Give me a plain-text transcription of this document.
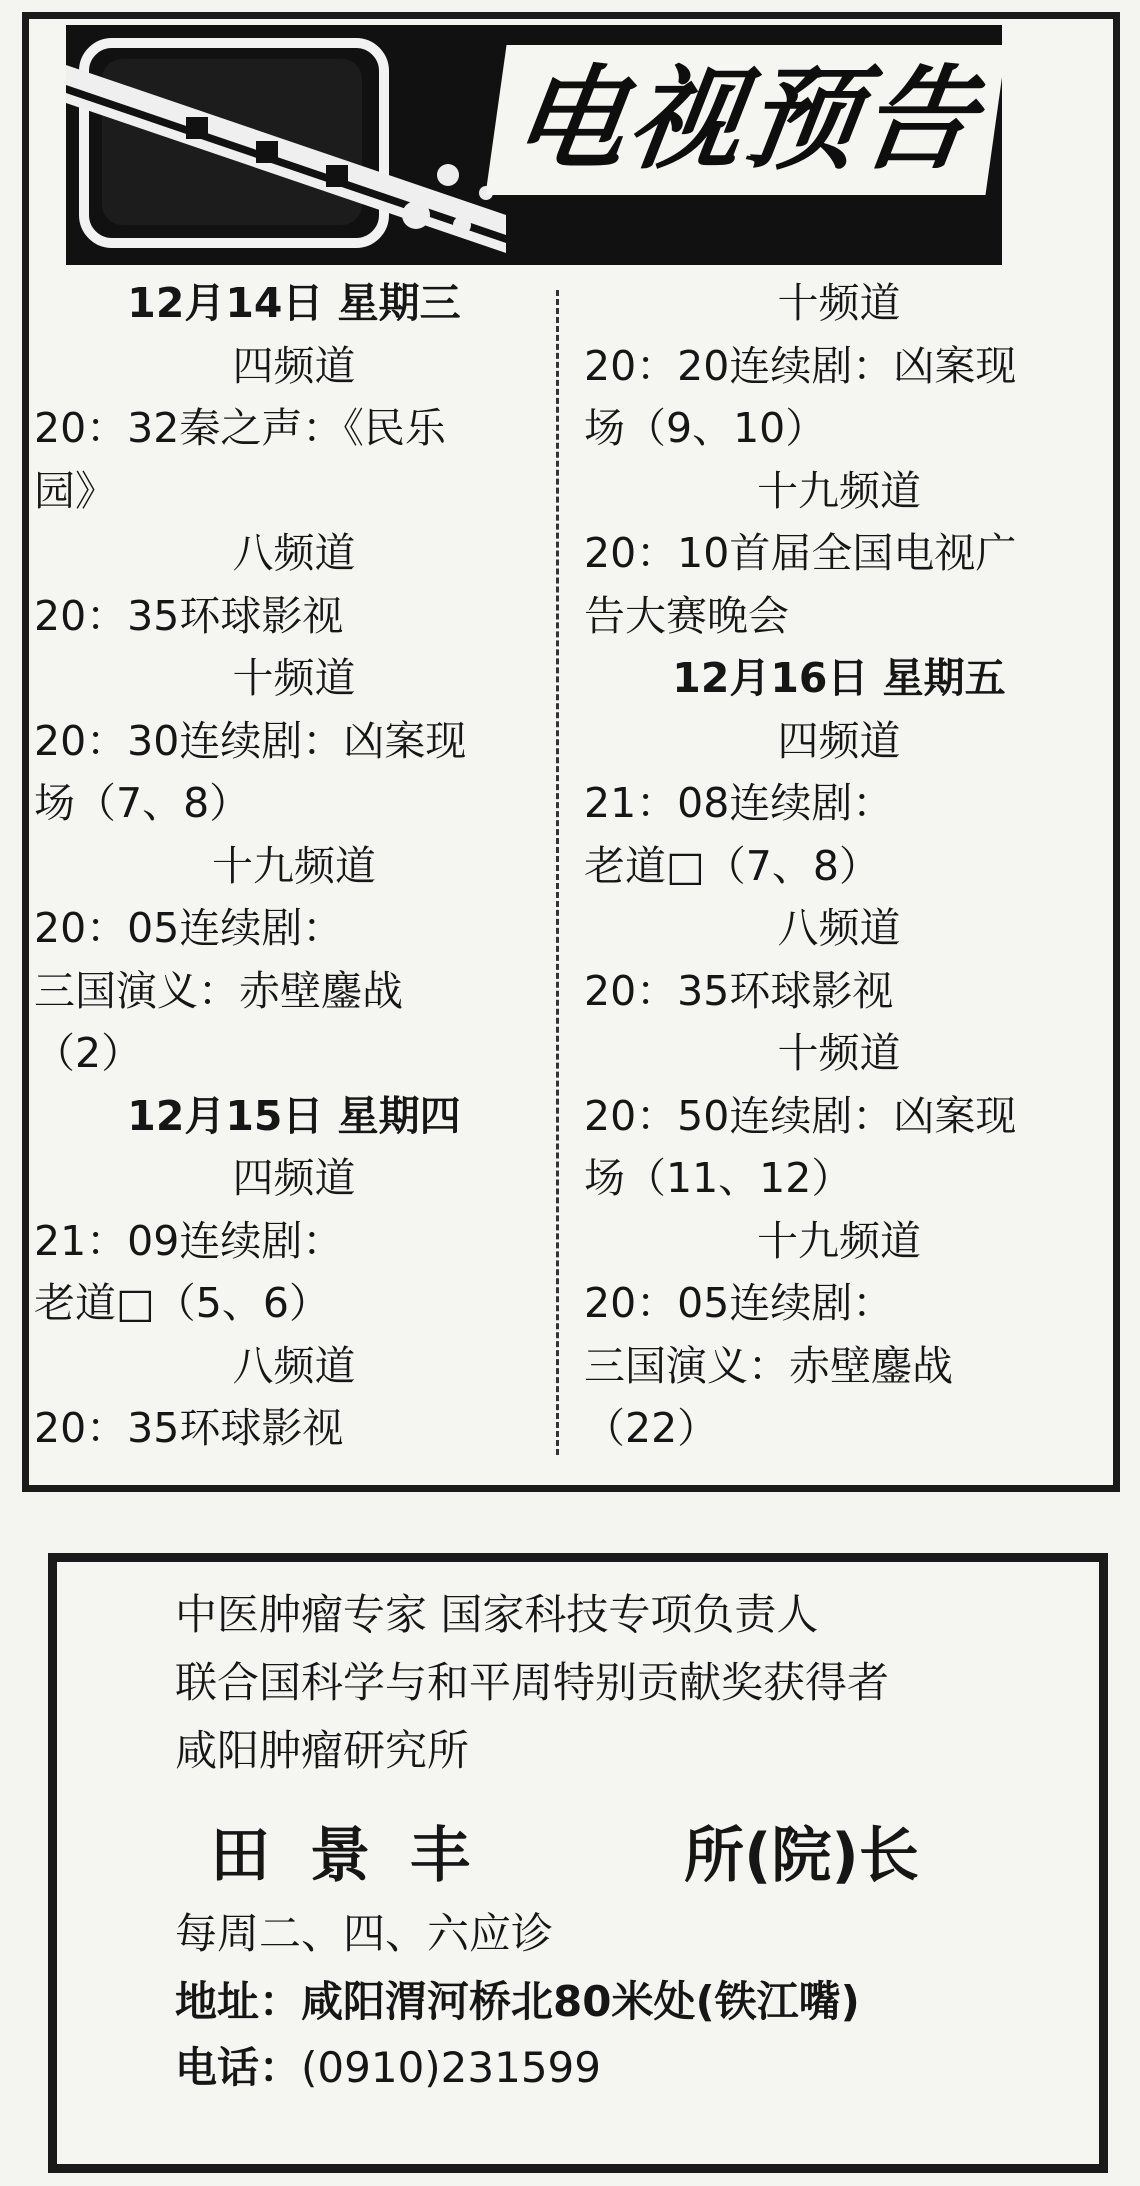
电视预告
12月14日 星期三
四频道
20：32秦之声：《民乐
园》
八频道
20：35环球影视
十频道
20：30连续剧：凶案现
场（7、8）
十九频道
20：05连续剧：
三国演义：赤壁鏖战
（2）
12月15日 星期四
四频道
21：09连续剧：
老道□（5、6）
八频道
20：35环球影视
十频道
20：20连续剧：凶案现
场（9、10）
十九频道
20：10首届全国电视广
告大赛晚会
12月16日 星期五
四频道
21：08连续剧：
老道□（7、8）
八频道
20：35环球影视
十频道
20：50连续剧：凶案现
场（11、12）
十九频道
20：05连续剧：
三国演义：赤壁鏖战
（22）
中医肿瘤专家 国家科技专项负责人
联合国科学与和平周特别贡献奖获得者
咸阳肿瘤研究所
田景丰	所(院)长
每周二、四、六应诊
地址：咸阳渭河桥北80米处(铁江嘴)
电话：(0910)231599
